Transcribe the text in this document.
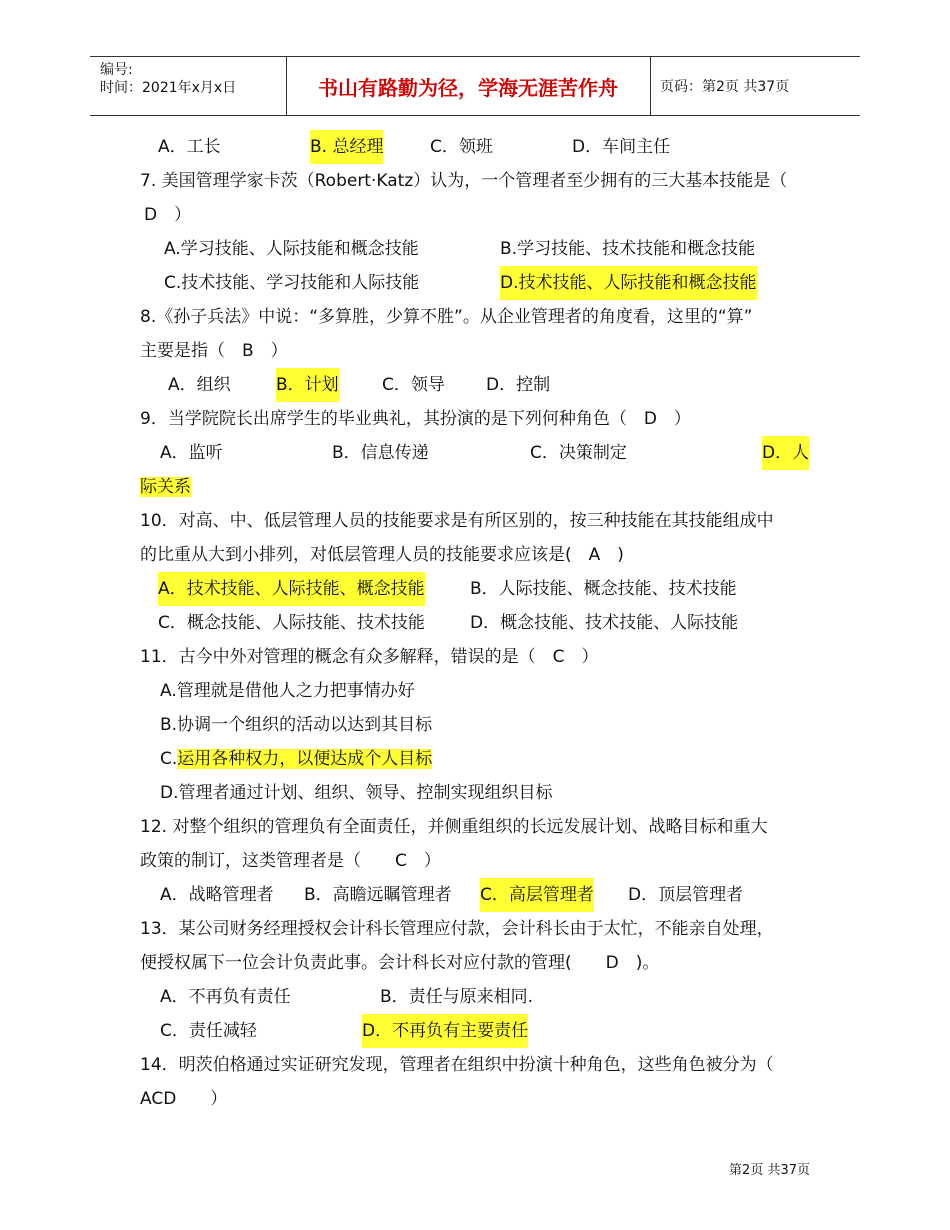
编号:
时间：2021年x月x日	书山有路勤为径，学海无涯苦作舟	页码：第2页 共37页
A．工长	B. 总经理	C．领班	D．车间主任
7. 美国管理学家卡茨（Robert·Katz）认为，一个管理者至少拥有的三大基本技能是（
D　）
A.学习技能、人际技能和概念技能	B.学习技能、技术技能和概念技能
C.技术技能、学习技能和人际技能	D.技术技能、人际技能和概念技能
8.《孙子兵法》中说：“多算胜，少算不胜”。从企业管理者的角度看，这里的“算”
主要是指（　B　）
A．组织	B．计划	C．领导 D．控制
9．当学院院长出席学生的毕业典礼，其扮演的是下列何种角色（　D　）
A．监听	B．信息传递	C．决策制定	D．人
际关系
10．对高、中、低层管理人员的技能要求是有所区别的，按三种技能在其技能组成中
的比重从大到小排列，对低层管理人员的技能要求应该是(　A　)
A．技术技能、人际技能、概念技能	B．人际技能、概念技能、技术技能
C．概念技能、人际技能、技术技能	D．概念技能、技术技能、人际技能
11．古今中外对管理的概念有众多解释，错误的是（　C　）
A.管理就是借他人之力把事情办好
B.协调一个组织的活动以达到其目标
C.运用各种权力，以便达成个人目标
D.管理者通过计划、组织、领导、控制实现组织目标
12. 对整个组织的管理负有全面责任，并侧重组织的长远发展计划、战略目标和重大
政策的制订，这类管理者是（　　C　）
A．战略管理者 B．高瞻远瞩管理者 C．高层管理者 D．顶层管理者
13．某公司财务经理授权会计科长管理应付款，会计科长由于太忙，不能亲自处理，
便授权属下一位会计负责此事。会计科长对应付款的管理(　　D　)。
A．不再负有责任	B．责任与原来相同.
C．责任减轻	D．不再负有主要责任
14．明茨伯格通过实证研究发现，管理者在组织中扮演十种角色，这些角色被分为（
ACD　　）
第2页 共37页
